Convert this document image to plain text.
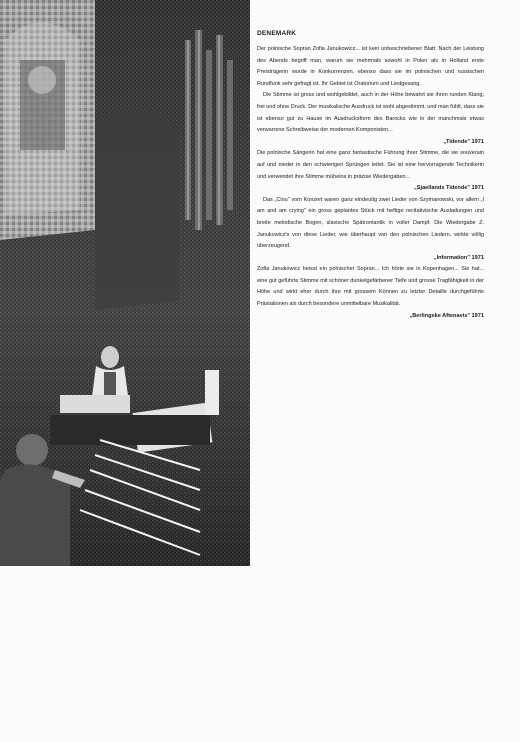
DENEMARK

Der polnische Sopran Zofia Janukowicz... ist kein unbeschriebener Blatt. Nach der Leistung des Abends begriff man, warum sie mehrmals sowohl in Polen als in Holland erste Preisträgerin wurde in Konkurrenzen, ebenso dass sie im polnischen und russischen Rundfunk sehr gefragt ist. Ihr Gebiet ist Oratorium und Liedgesang.

Die Stimme ist gross und wohlgebildet, auch in der Höhe bewahrt sie ihren runden Klang, frei und ohne Druck. Der musikalische Ausdruck ist wohl abgestimmt, und man fühlt, dass sie ist ebenso gut zu Hause im Ausdrucksform des Barocks wie in der manchmals etwas verwarrene Schreibweise der modernen Komponisten...

„Tidende" 1971

Die polnische Sängerin hat eine ganz fantastische Führung ihrer Stimme, die sie souverain auf und nieder in den schwierigen Sprüngen leitet. Sie ist eine hervorragende Technikerin und verwendet ihre Stimme mühelos in präzise Wiedergaben...

„Sjaellands Tidende" 1971

Das „Clou" vom Konzert waren ganz eindeutig zwei Lieder von Szymanowski, vor allem „I am and am crying" ein gross geplantes Stück mit heftige recitativische Ausladungen und breite melodische Bogen, slavische Spätromantik in voller Dampf. Die Wiedergabe Z. Janukowicz's von diese Lieder, wie überhaupt von den polnischen Liedern, wirkte völlig überzeugend.

„Information" 1971

Zofia Janukowicz heisst ein polnischer Sopran... Ich hörte sie in Kopenhagen... Sie hat... eine gut geführte Stimme mit schöner dunkelgefärbener Tiefe und grosse Tragfähigkeit in der Höhe und wirkt eher durch ihre mit grossem Können zu letzter Detaille durchgeführte Prästationen als durch besondere unmittelbare Musikalität.

„Berlingske Aftenavis" 1971
